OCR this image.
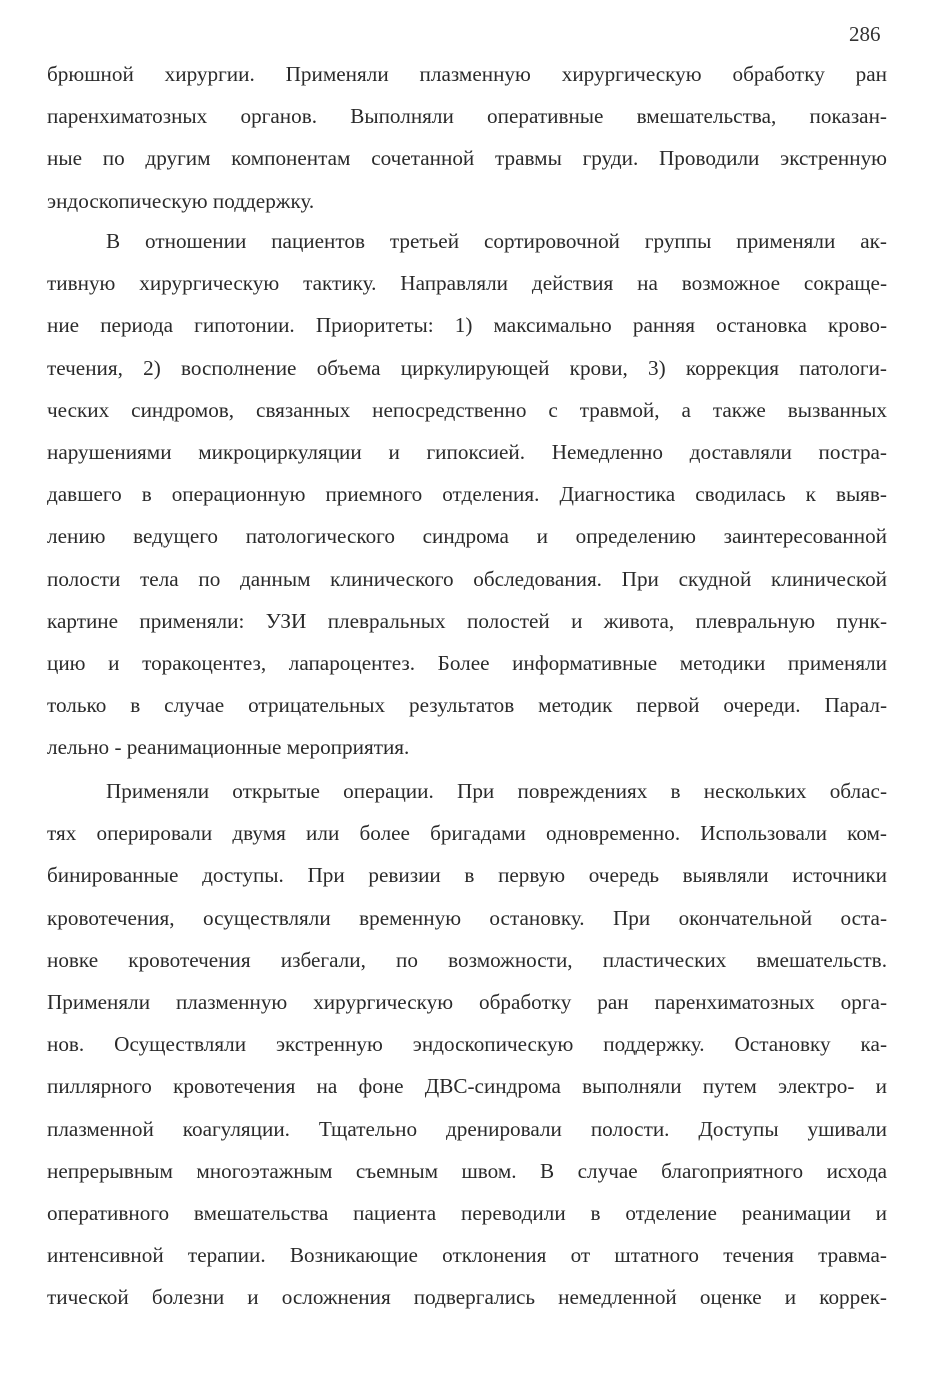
286
брюшной хирургии. Применяли плазменную хирургическую обработку ран
паренхиматозных органов. Выполняли оперативные вмешательства, показан-
ные по другим компонентам сочетанной травмы груди. Проводили экстренную
эндоскопическую поддержку.
В отношении пациентов третьей сортировочной группы применяли ак-
тивную хирургическую тактику. Направляли действия на возможное сокраще-
ние периода гипотонии. Приоритеты: 1) максимально ранняя остановка крово-
течения, 2) восполнение объема циркулирующей крови, 3) коррекция патологи-
ческих синдромов, связанных непосредственно с травмой, а также вызванных
нарушениями микроциркуляции и гипоксией. Немедленно доставляли постра-
давшего в операционную приемного отделения. Диагностика сводилась к выяв-
лению ведущего патологического синдрома и определению заинтересованной
полости тела по данным клинического обследования. При скудной клинической
картине применяли: УЗИ плевральных полостей и живота, плевральную пунк-
цию и торакоцентез, лапароцентез. Более информативные методики применяли
только в случае отрицательных результатов методик первой очереди. Парал-
лельно - реанимационные мероприятия.
Применяли открытые операции. При повреждениях в нескольких облас-
тях оперировали двумя или более бригадами одновременно. Использовали ком-
бинированные доступы. При ревизии в первую очередь выявляли источники
кровотечения, осуществляли временную остановку. При окончательной оста-
новке кровотечения избегали, по возможности, пластических вмешательств.
Применяли плазменную хирургическую обработку ран паренхиматозных орга-
нов. Осуществляли экстренную эндоскопическую поддержку. Остановку ка-
пиллярного кровотечения на фоне ДВС-синдрома выполняли путем электро- и
плазменной коагуляции. Тщательно дренировали полости. Доступы ушивали
непрерывным многоэтажным съемным швом. В случае благоприятного исхода
оперативного вмешательства пациента переводили в отделение реанимации и
интенсивной терапии. Возникающие отклонения от штатного течения травма-
тической болезни и осложнения подвергались немедленной оценке и коррек-
